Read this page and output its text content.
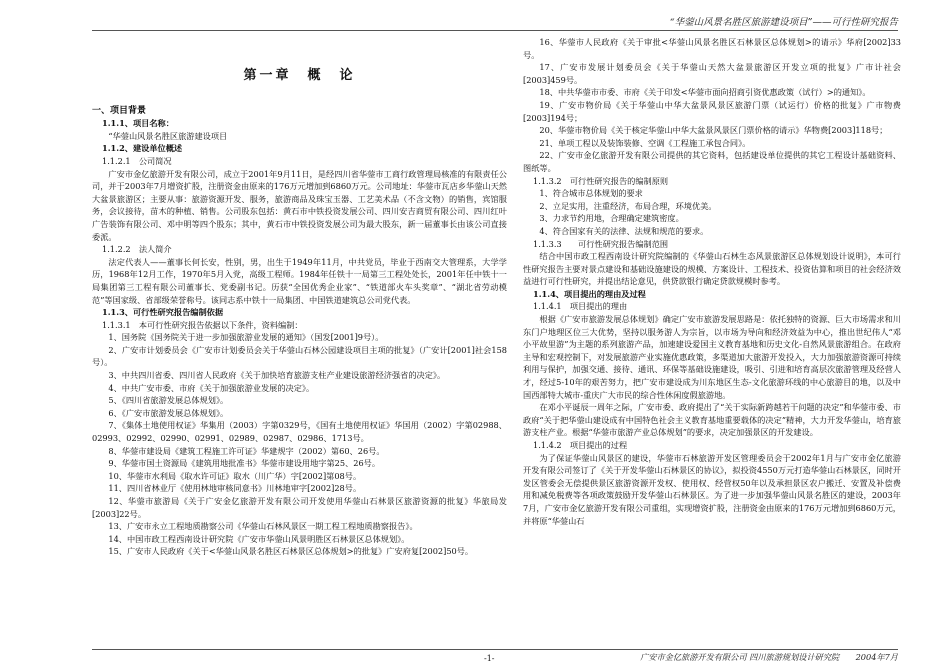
“华蓥山风景名胜区旅游建设项目”——可行性研究报告
第一章　概　论
一、项目背景
1.1.1、项目名称：

“华蓥山风景名胜区旅游建设项目

1.1.2、建设单位概述
1.1.2.1　公司简况

广安市金亿旅游开发有限公司，成立于2001年9月11日，是经四川省华蓥市工商行政管理局核准的有限责任公司，并于2003年7月增资扩股，注册资金由原来的176万元增加到6860万元。公司地址：华蓥市瓦店乡华蓥山天然大盆景旅游区；主要从事：旅游资源开发、服务，旅游商品及珠宝玉器、工艺美术品（不含文物）的销售，宾馆服务，会议接待，苗木的种植、销售。公司股东包括：黄石市中铁投资发展公司、四川安吉商贸有限公司、四川红叶广告装饰有限公司、邓中明等四个股东；其中，黄石市中铁投资发展公司为最大股东，新一届董事长由该公司直接委派。

1.1.2.2　法人简介

法定代表人——董事长何长安，性别，男，出生于1949年11月，中共党员，毕业于西南交大管理系，大学学历，1968年12月工作，1970年5月入党，高级工程师。1984年任铁十一局第三工程处处长，2001年任中铁十一局集团第三工程有限公司董事长、党委副书记。历获“全国优秀企业家”、“铁道部火车头奖章”、“湖北省劳动模范”等国家级、省部级荣誉称号。该同志系中铁十一局集团、中国铁道建筑总公司党代表。

1.1.3、可行性研究报告编制依据
1.1.3.1　本可行性研究报告依据以下条件，资料编制：

1、国务院《国务院关于进一步加强旅游业发展的通知》（国发[2001]9号）。

2、广安市计划委员会《广安市计划委员会关于华蓥山石林公园建设项目主项的批复》（广安计[2001]社会158号）。

3、中共四川省委、四川省人民政府《关于加快培育旅游支柱产业建设旅游经济强省的决定》。

4、中共广安市委、市府《关于加强旅游业发展的决定》。

5、《四川省旅游发展总体规划》。

6、《广安市旅游发展总体规划》。

7、《集体土地使用权证》华集用（2003）字第0329号，《国有土地使用权证》华国用（2002）字第02988、02993、02992、02990、02991、02989、02987、02986、1713号。

8、华蓥市建设局《建筑工程施工许可证》华建规字（2002）第60、26号。

9、华蓥市国土资源局《建筑用地批准书》华蓥市建设用地字第25、26号。

10、华蓥市水利局《取水许可证》取水（川广华）字[2002]第08号。

11、四川省林业厅《使用林地审核同意书》川林地审字[2002]28号。

12、华蓥市旅游局《关于广安金亿旅游开发有限公司开发使用华蓥山石林景区旅游资源的批复》华旅局发[2003]22号。

13、广安市永立工程地质勘察公司《华蓥山石林风景区一期工程工程地质勘察报告》。

14、中国市政工程西南设计研究院《广安市华蓥山风景明胜区石林景区总体规划》。

15、广安市人民政府《关于<华蓥山风景名胜区石林景区总体规划>的批复》广安府复[2002]50号。

16、华蓥市人民政府《关于审批<华蓥山风景名胜区石林景区总体规划>的请示》华府[2002]33号。

17、广安市发展计划委员会《关于华蓥山天然大盆景旅游区开发立项的批复》广市计社会[2003]459号。

18、中共华蓥市市委、市府《关于印发<华蓥市面向招商引资优惠政策（试行）>的通知》。

19、广安市物价局《关于华蓥山中华大盆景风景区旅游门票（试运行）价格的批复》广市物费[2003]194号；

20、华蓥市物价局《关于核定华蓥山中华大盆景风景区门票价格的请示》华物费[2003]118号；

21、单项工程以及装饰装修、空调《工程施工承包合同》。

22、广安市金亿旅游开发有限公司提供的其它资料，包括建设单位提供的其它工程设计基础资料、图纸等。

1.1.3.2　可行性研究报告的编制原则

1、符合城市总体规划的要求

2、立足实用，注重经济，布局合理，环境优美。

3、力求节约用地，合理确定建筑密度。

4、符合国家有关的法律、法规和规范的要求。

1.1.3.3　　可行性研究报告编制范围

结合中国市政工程西南设计研究院编制的《华蓥山石林生态风景旅游区总体规划设计说明》，本可行性研究报告主要对景点建设和基础设施建设的规模、方案设计、工程技术、投资估算和项目的社会经济效益进行可行性研究，并提出结论意见，供贷款银行确定贷款规模时参考。

1.1.4、项目提出的理由及过程
1.1.4.1　项目提出的理由

根据《广安市旅游发展总体规划》确定广安市旅游发展思路是：依托独特的资源、巨大市场需求和川东门户地理区位三大优势，坚持以服务游人为宗旨，以市场为导向和经济效益为中心，推出世纪伟人“邓小平故里游”为主题的系列旅游产品，加速建设爱国主义教育基地和历史文化-自然风景旅游组合。在政府主导和宏观控制下，对发展旅游产业实施优惠政策，多渠道加大旅游开发投入，大力加强旅游资源可持续利用与保护，加强交通、接待、通讯、环保等基础设施建设，吸引、引进和培育高层次旅游管理及经营人才，经过5-10年的艰苦努力，把广安市建设成为川东地区生态-文化旅游环线的中心旅游目的地，以及中国西部特大城市-重庆广大市民的综合性休闲度假旅游地。

在邓小平诞辰一周年之际，广安市委、政府提出了“关于实际新跨越若干问题的决定”和华蓥市委、市政府“关于把华蓥山建设成有中国特色社会主义教育基地重要载体的决定”精神，大力开发华蓥山，培育旅游支柱产业。根据“华蓥市旅游产业总体规划”的要求，决定加强景区的开发建设。

1.1.4.2　项目提出的过程

为了保证华蓥山风景区的建设，华蓥市石林旅游开发区管理委员会于2002年1月与广安市金亿旅游开发有限公司签订了《关于开发华蓥山石林景区的协议》，拟投资4550万元打造华蓥山石林景区，同时开发区管委会无偿提供景区旅游资源开发权、使用权、经营权50年以及承担景区农户搬迁、安置及补偿费用和减免税费等各项政策鼓励开发华蓥山石林景区。为了进一步加强华蓥山风景名胜区的建设，2003年7月，广安市金亿旅游开发有限公司重组，实现增资扩股，注册资金由原来的176万元增加到6860万元，并将原“华蓥山石

-1-	广安市金亿旅游开发有限公司 四川旅游规划设计研究院　　2004年7月
